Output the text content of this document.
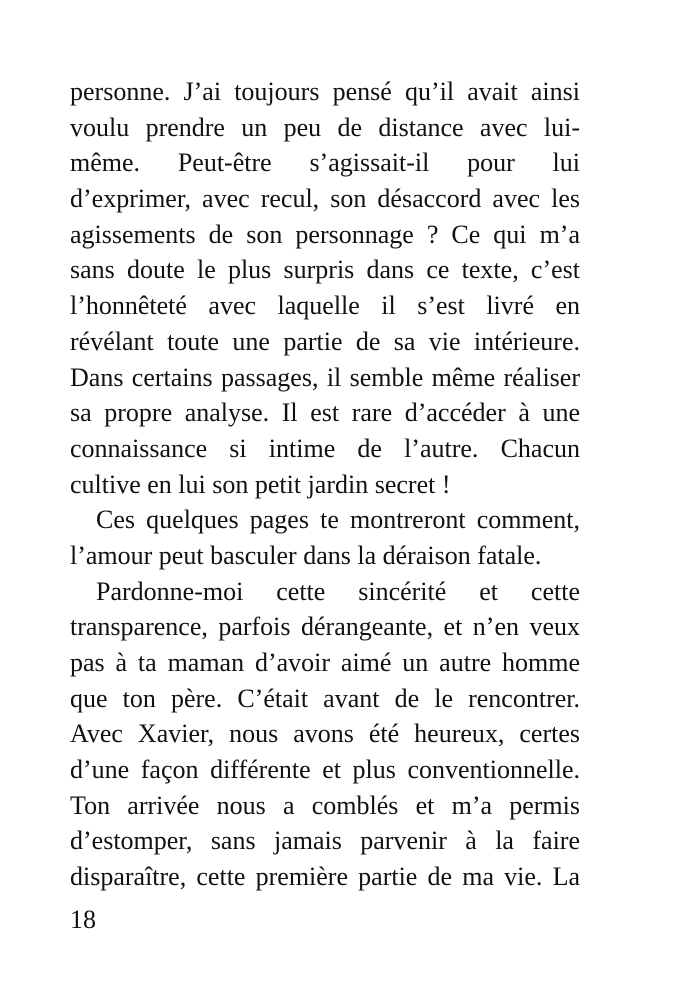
personne. J’ai toujours pensé qu’il avait ainsi
voulu prendre un peu de distance avec lui-
même. Peut-être s’agissait-il pour lui
d’exprimer, avec recul, son désaccord avec les
agissements de son personnage ? Ce qui m’a
sans doute le plus surpris dans ce texte, c’est
l’honnêteté avec laquelle il s’est livré en
révélant toute une partie de sa vie intérieure.
Dans certains passages, il semble même réaliser
sa propre analyse. Il est rare d’accéder à une
connaissance si intime de l’autre. Chacun
cultive en lui son petit jardin secret !
Ces quelques pages te montreront comment,
l’amour peut basculer dans la déraison fatale.
Pardonne-moi cette sincérité et cette
transparence, parfois dérangeante, et n’en veux
pas à ta maman d’avoir aimé un autre homme
que ton père. C’était avant de le rencontrer.
Avec Xavier, nous avons été heureux, certes
d’une façon différente et plus conventionnelle.
Ton arrivée nous a comblés et m’a permis
d’estomper, sans jamais parvenir à la faire
disparaître, cette première partie de ma vie. La
18
